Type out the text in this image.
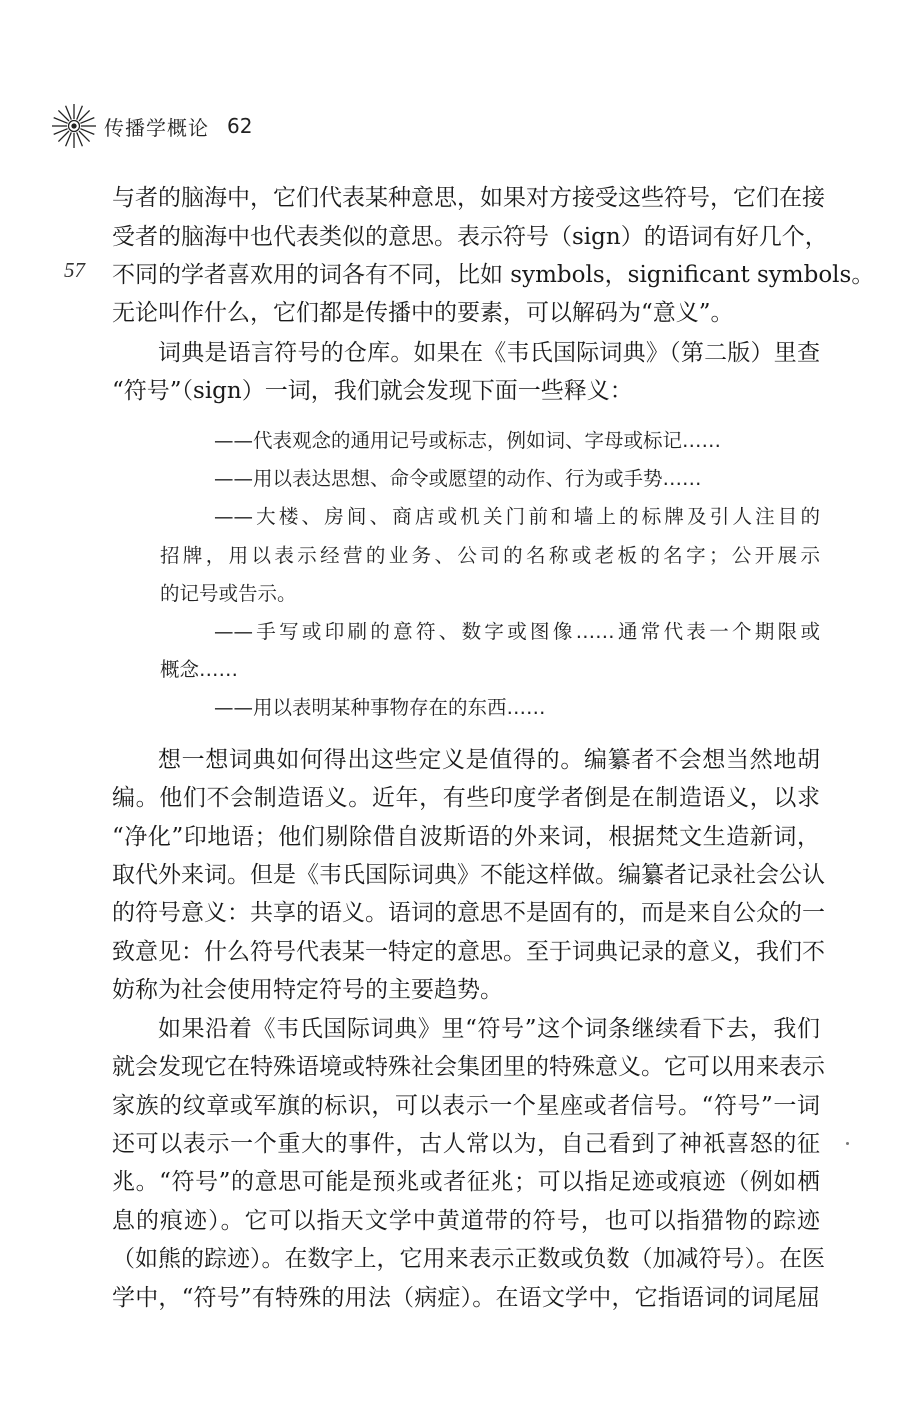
传播学概论 62
57

与者的脑海中，它们代表某种意思，如果对方接受这些符号，它们在接

受者的脑海中也代表类似的意思。表示符号（sign）的语词有好几个，

不同的学者喜欢用的词各有不同，比如 symbols，significant symbols。

无论叫作什么，它们都是传播中的要素，可以解码为“意义”。

词典是语言符号的仓库。如果在《韦氏国际词典》（第二版）里查

“符号”（sign）一词，我们就会发现下面一些释义：

——代表观念的通用记号或标志，例如词、字母或标记……

——用以表达思想、命令或愿望的动作、行为或手势……

——大楼、房间、商店或机关门前和墙上的标牌及引人注目的

招牌，用以表示经营的业务、公司的名称或老板的名字；公开展示

的记号或告示。

——手写或印刷的意符、数字或图像……通常代表一个期限或

概念……

——用以表明某种事物存在的东西……

想一想词典如何得出这些定义是值得的。编纂者不会想当然地胡

编。他们不会制造语义。近年，有些印度学者倒是在制造语义，以求

“净化”印地语；他们剔除借自波斯语的外来词，根据梵文生造新词，

取代外来词。但是《韦氏国际词典》不能这样做。编纂者记录社会公认

的符号意义：共享的语义。语词的意思不是固有的，而是来自公众的一

致意见：什么符号代表某一特定的意思。至于词典记录的意义，我们不

妨称为社会使用特定符号的主要趋势。

如果沿着《韦氏国际词典》里“符号”这个词条继续看下去，我们

就会发现它在特殊语境或特殊社会集团里的特殊意义。它可以用来表示

家族的纹章或军旗的标识，可以表示一个星座或者信号。“符号”一词

还可以表示一个重大的事件，古人常以为，自己看到了神祇喜怒的征

兆。“符号”的意思可能是预兆或者征兆；可以指足迹或痕迹（例如栖

息的痕迹）。它可以指天文学中黄道带的符号，也可以指猎物的踪迹

（如熊的踪迹）。在数字上，它用来表示正数或负数（加减符号）。在医

学中，“符号”有特殊的用法（病症）。在语文学中，它指语词的词尾屈
